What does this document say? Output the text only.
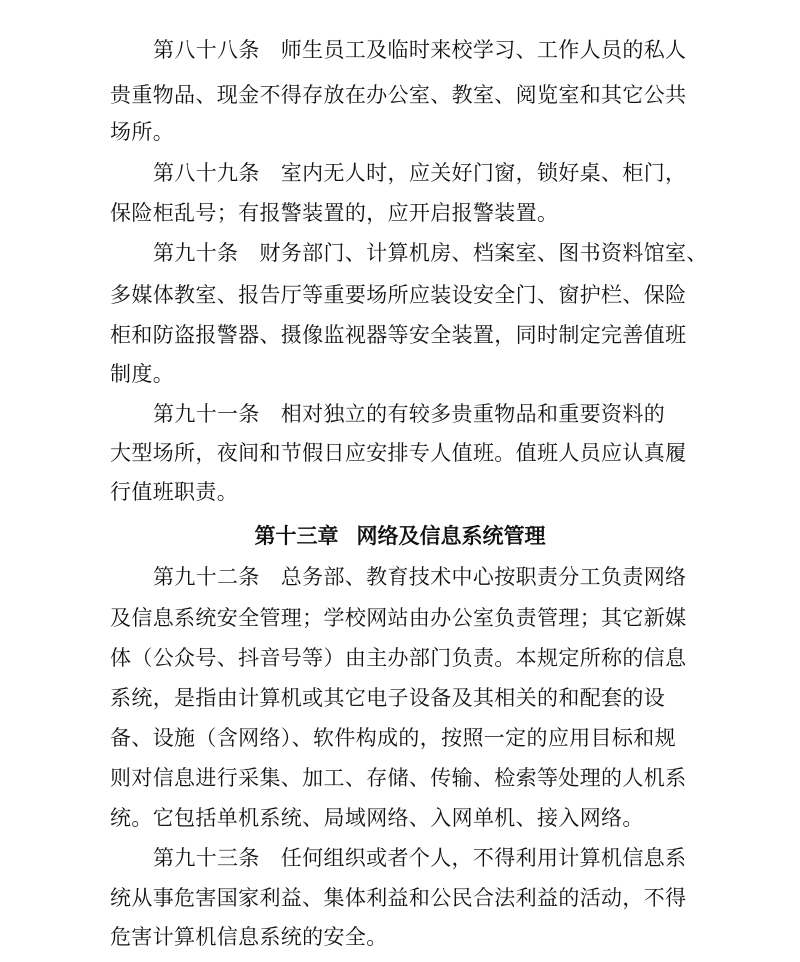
第八十八条 师生员工及临时来校学习、工作人员的私人
贵重物品、现金不得存放在办公室、教室、阅览室和其它公共
场所。
第八十九条 室内无人时，应关好门窗，锁好桌、柜门，
保险柜乱号；有报警装置的，应开启报警装置。
第九十条 财务部门、计算机房、档案室、图书资料馆室、
多媒体教室、报告厅等重要场所应装设安全门、窗护栏、保险
柜和防盗报警器、摄像监视器等安全装置，同时制定完善值班
制度。
第九十一条 相对独立的有较多贵重物品和重要资料的
大型场所，夜间和节假日应安排专人值班。值班人员应认真履
行值班职责。
第十三章 网络及信息系统管理
第九十二条 总务部、教育技术中心按职责分工负责网络
及信息系统安全管理；学校网站由办公室负责管理；其它新媒
体（公众号、抖音号等）由主办部门负责。本规定所称的信息
系统，是指由计算机或其它电子设备及其相关的和配套的设
备、设施（含网络）、软件构成的，按照一定的应用目标和规
则对信息进行采集、加工、存储、传输、检索等处理的人机系
统。它包括单机系统、局域网络、入网单机、接入网络。
第九十三条 任何组织或者个人，不得利用计算机信息系
统从事危害国家利益、集体利益和公民合法利益的活动，不得
危害计算机信息系统的安全。
